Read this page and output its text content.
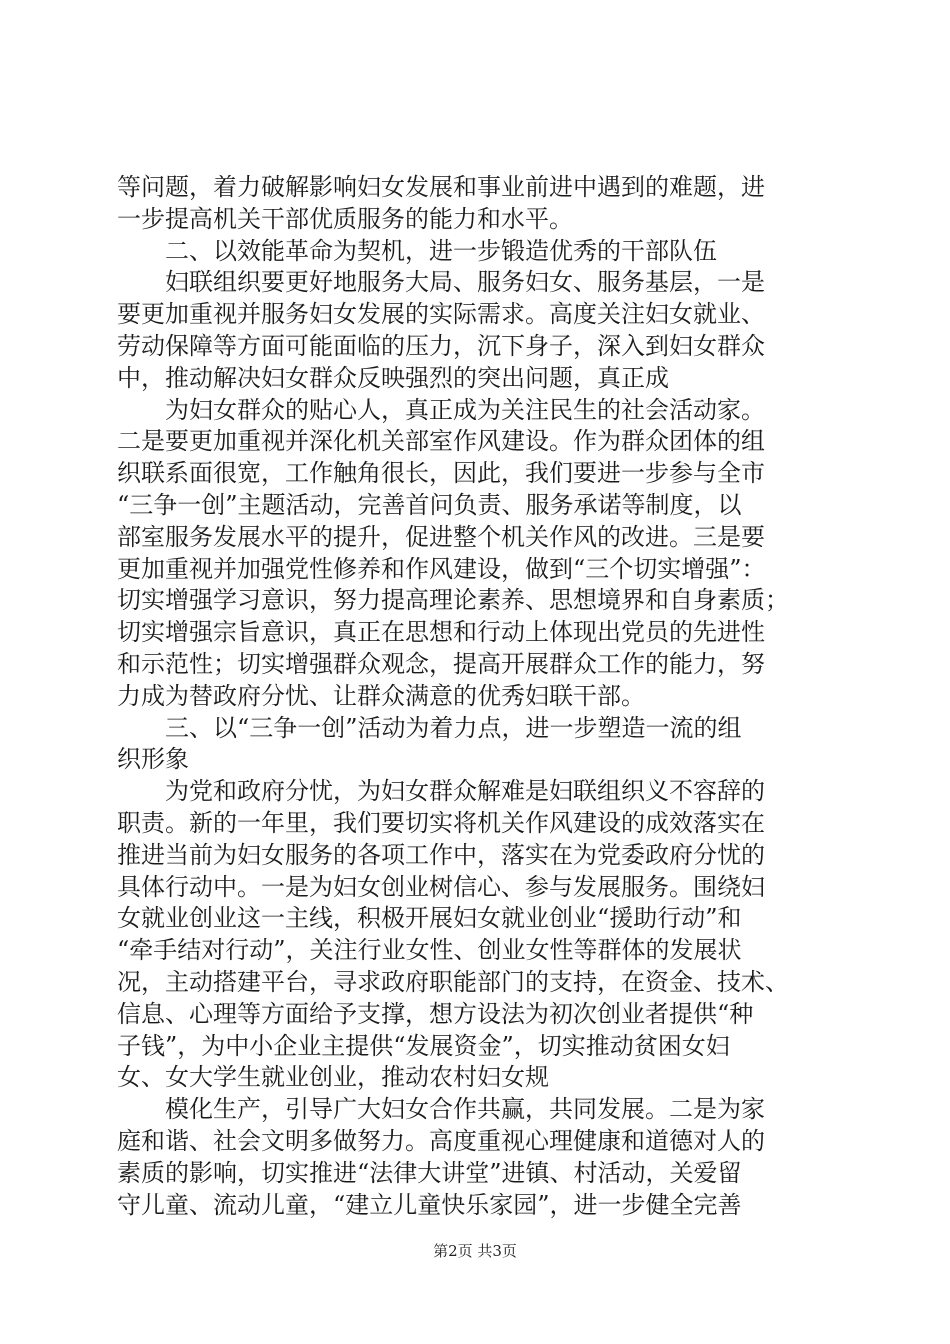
等问题，着力破解影响妇女发展和事业前进中遇到的难题，进
一步提高机关干部优质服务的能力和水平。
　　二、以效能革命为契机，进一步锻造优秀的干部队伍
　　妇联组织要更好地服务大局、服务妇女、服务基层，一是
要更加重视并服务妇女发展的实际需求。高度关注妇女就业、
劳动保障等方面可能面临的压力，沉下身子，深入到妇女群众
中，推动解决妇女群众反映强烈的突出问题，真正成
　　为妇女群众的贴心人，真正成为关注民生的社会活动家。
二是要更加重视并深化机关部室作风建设。作为群众团体的组
织联系面很宽，工作触角很长，因此，我们要进一步参与全市
“三争一创”主题活动，完善首问负责、服务承诺等制度，以
部室服务发展水平的提升，促进整个机关作风的改进。三是要
更加重视并加强党性修养和作风建设，做到“三个切实增强”：
切实增强学习意识，努力提高理论素养、思想境界和自身素质；
切实增强宗旨意识，真正在思想和行动上体现出党员的先进性
和示范性；切实增强群众观念，提高开展群众工作的能力，努
力成为替政府分忧、让群众满意的优秀妇联干部。
　　三、以“三争一创”活动为着力点，进一步塑造一流的组
织形象
　　为党和政府分忧，为妇女群众解难是妇联组织义不容辞的
职责。新的一年里，我们要切实将机关作风建设的成效落实在
推进当前为妇女服务的各项工作中，落实在为党委政府分忧的
具体行动中。一是为妇女创业树信心、参与发展服务。围绕妇
女就业创业这一主线，积极开展妇女就业创业“援助行动”和
“牵手结对行动”，关注行业女性、创业女性等群体的发展状
况，主动搭建平台，寻求政府职能部门的支持，在资金、技术、
信息、心理等方面给予支撑，想方设法为初次创业者提供“种
子钱”，为中小企业主提供“发展资金”，切实推动贫困女妇
女、女大学生就业创业，推动农村妇女规
　　模化生产，引导广大妇女合作共赢，共同发展。二是为家
庭和谐、社会文明多做努力。高度重视心理健康和道德对人的
素质的影响，切实推进“法律大讲堂”进镇、村活动，关爱留
守儿童、流动儿童，“建立儿童快乐家园”，进一步健全完善
第2页 共3页
